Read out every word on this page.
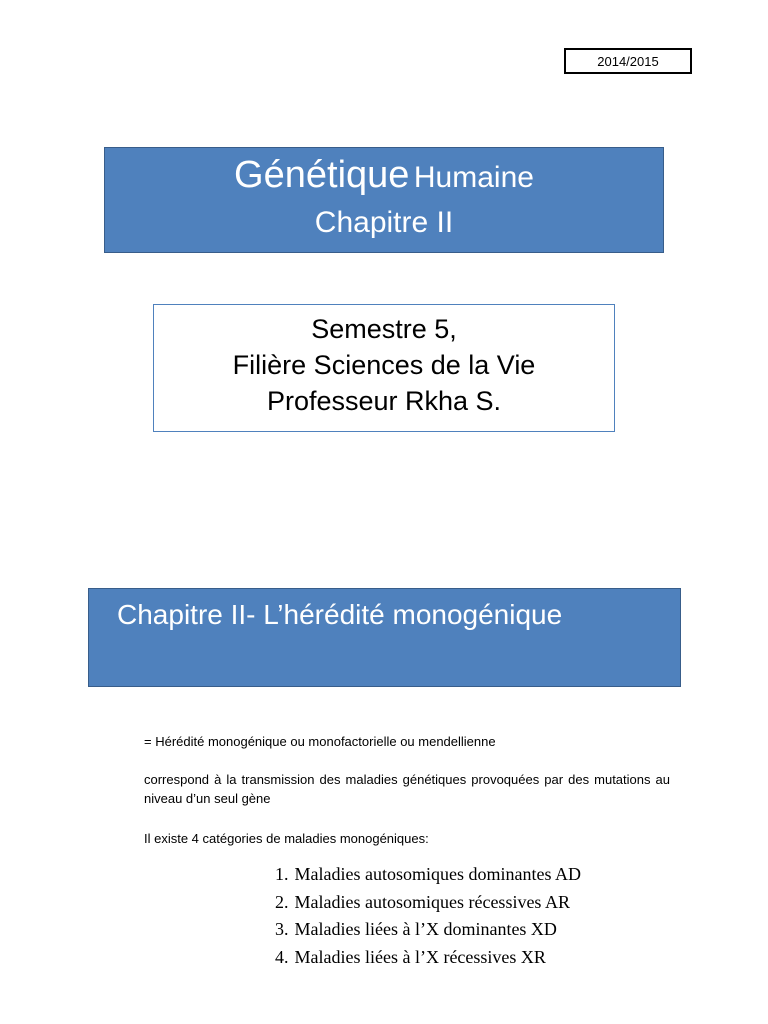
2014/2015
Génétique Humaine
Chapitre II
Semestre 5,
Filière Sciences de la Vie
Professeur Rkha S.
Chapitre II- L’hérédité monogénique
= Hérédité monogénique ou monofactorielle ou mendellienne
correspond à la transmission des maladies génétiques provoquées par des mutations au niveau d’un seul gène
Il existe 4 catégories de maladies monogéniques:
1. Maladies autosomiques dominantes AD
2. Maladies autosomiques récessives AR
3. Maladies liées à l’X dominantes XD
4. Maladies liées à l’X récessives XR
